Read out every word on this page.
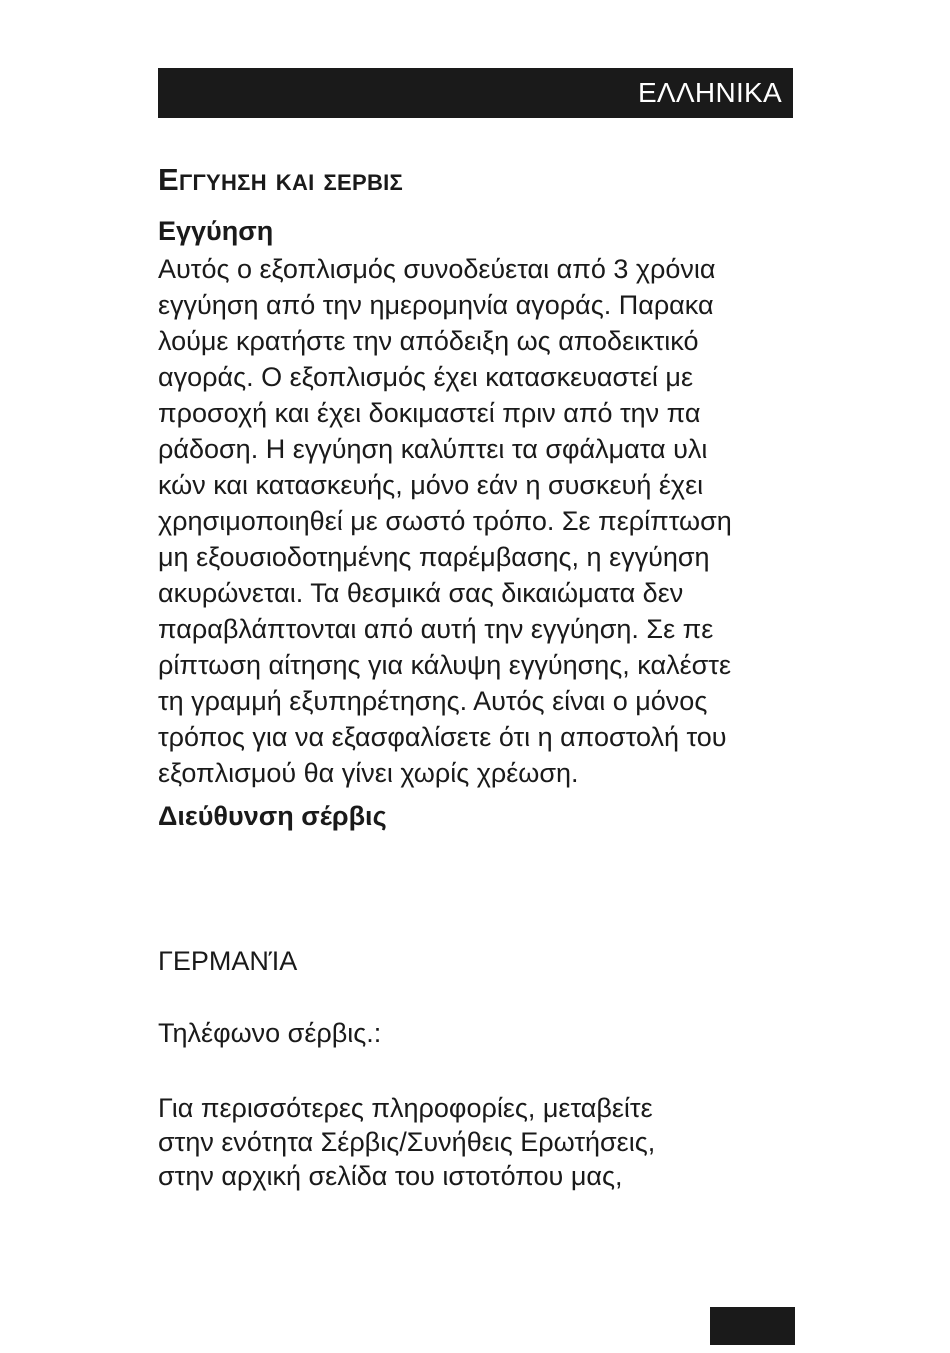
ΕΛΛΗΝΙΚΑ
Εγγυηση και σερβις
Εγγύηση

Αυτός ο εξοπλισμός συνοδεύεται από 3 χρόνια
εγγύηση από την ημερομηνία αγοράς. Παρακα
λούμε κρατήστε την απόδειξη ως αποδεικτικό
αγοράς. Ο εξοπλισμός έχει κατασκευαστεί με
προσοχή και έχει δοκιμαστεί πριν από την πα
ράδοση. Η εγγύηση καλύπτει τα σφάλματα υλι
κών και κατασκευής, μόνο εάν η συσκευή έχει
χρησιμοποιηθεί με σωστό τρόπο. Σε περίπτωση
μη εξουσιοδοτημένης παρέμβασης, η εγγύηση
ακυρώνεται. Τα θεσμικά σας δικαιώματα δεν
παραβλάπτονται από αυτή την εγγύηση. Σε πε
ρίπτωση αίτησης για κάλυψη εγγύησης, καλέστε
τη γραμμή εξυπηρέτησης. Αυτός είναι ο μόνος
τρόπος για να εξασφαλίσετε ότι η αποστολή του
εξοπλισμού θα γίνει χωρίς χρέωση.

Διεύθυνση σέρβις

ΓΕΡΜΑΝΊΑ

Τηλέφωνο σέρβις.:

Για περισσότερες πληροφορίες, μεταβείτε
στην ενότητα Σέρβις/Συνήθεις Ερωτήσεις,
στην αρχική σελίδα του ιστοτόπου μας,
